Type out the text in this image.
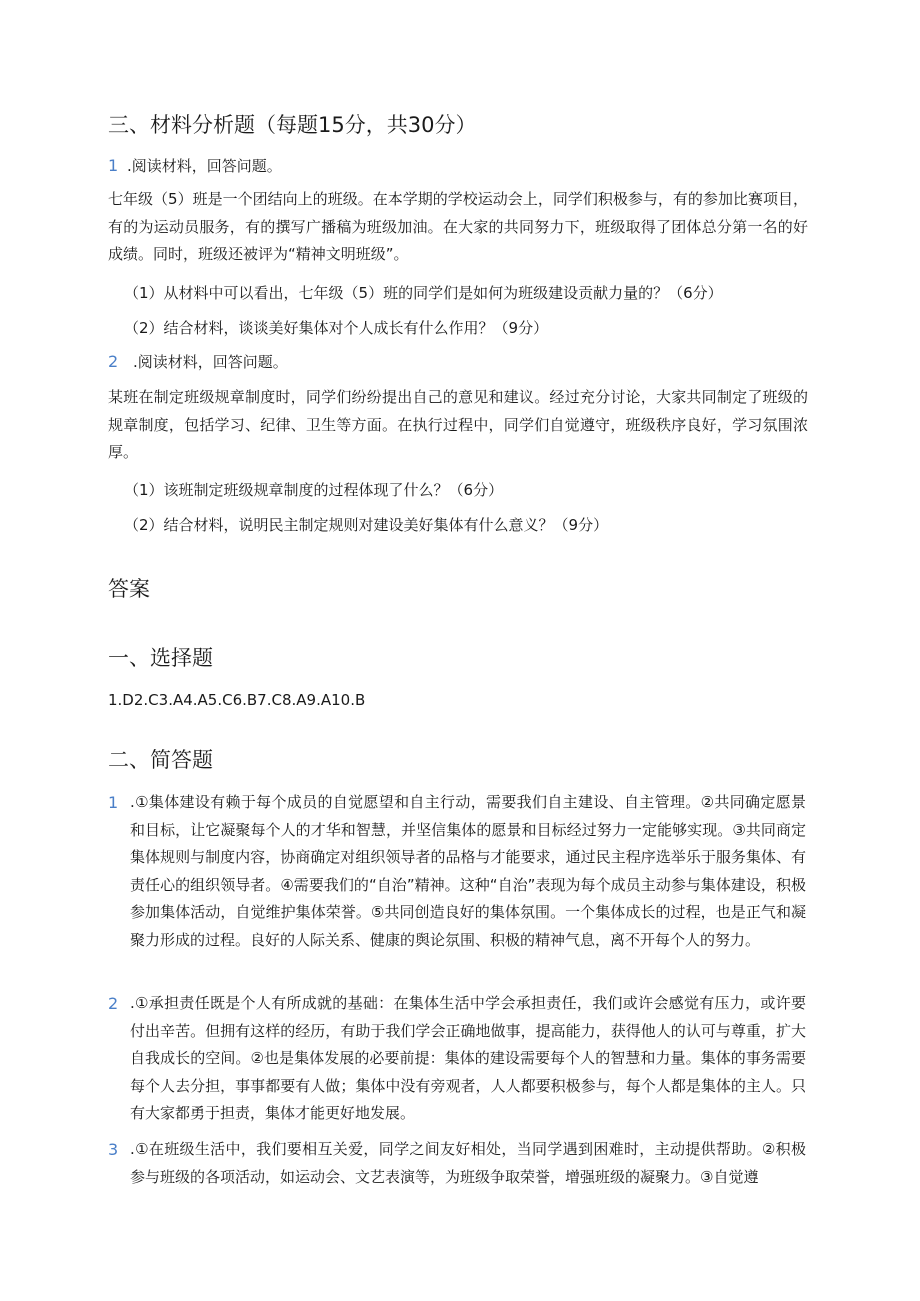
三、材料分析题（每题15分，共30分）
1 .阅读材料，回答问题。
七年级（5）班是一个团结向上的班级。在本学期的学校运动会上，同学们积极参与，有的参加比赛项目，有的为运动员服务，有的撰写广播稿为班级加油。在大家的共同努力下，班级取得了团体总分第一名的好成绩。同时，班级还被评为“精神文明班级”。
（1）从材料中可以看出，七年级（5）班的同学们是如何为班级建设贡献力量的？（6分）
（2）结合材料，谈谈美好集体对个人成长有什么作用？（9分）
2 .阅读材料，回答问题。
某班在制定班级规章制度时，同学们纷纷提出自己的意见和建议。经过充分讨论，大家共同制定了班级的规章制度，包括学习、纪律、卫生等方面。在执行过程中，同学们自觉遵守，班级秩序良好，学习氛围浓厚。
（1）该班制定班级规章制度的过程体现了什么？（6分）
（2）结合材料，说明民主制定规则对建设美好集体有什么意义？（9分）
答案
一、选择题
1.D2.C3.A4.A5.C6.B7.C8.A9.A10.B
二、简答题
1 .①集体建设有赖于每个成员的自觉愿望和自主行动，需要我们自主建设、自主管理。②共同确定愿景和目标，让它凝聚每个人的才华和智慧，并坚信集体的愿景和目标经过努力一定能够实现。③共同商定集体规则与制度内容，协商确定对组织领导者的品格与才能要求，通过民主程序选举乐于服务集体、有责任心的组织领导者。④需要我们的“自治”精神。这种“自治”表现为每个成员主动参与集体建设，积极参加集体活动，自觉维护集体荣誉。⑤共同创造良好的集体氛围。一个集体成长的过程，也是正气和凝聚力形成的过程。良好的人际关系、健康的舆论氛围、积极的精神气息，离不开每个人的努力。
2 .①承担责任既是个人有所成就的基础：在集体生活中学会承担责任，我们或许会感觉有压力，或许要付出辛苦。但拥有这样的经历，有助于我们学会正确地做事，提高能力，获得他人的认可与尊重，扩大自我成长的空间。②也是集体发展的必要前提：集体的建设需要每个人的智慧和力量。集体的事务需要每个人去分担，事事都要有人做；集体中没有旁观者，人人都要积极参与，每个人都是集体的主人。只有大家都勇于担责，集体才能更好地发展。
3 .①在班级生活中，我们要相互关爱，同学之间友好相处，当同学遇到困难时，主动提供帮助。②积极参与班级的各项活动，如运动会、文艺表演等，为班级争取荣誉，增强班级的凝聚力。③自觉遵
